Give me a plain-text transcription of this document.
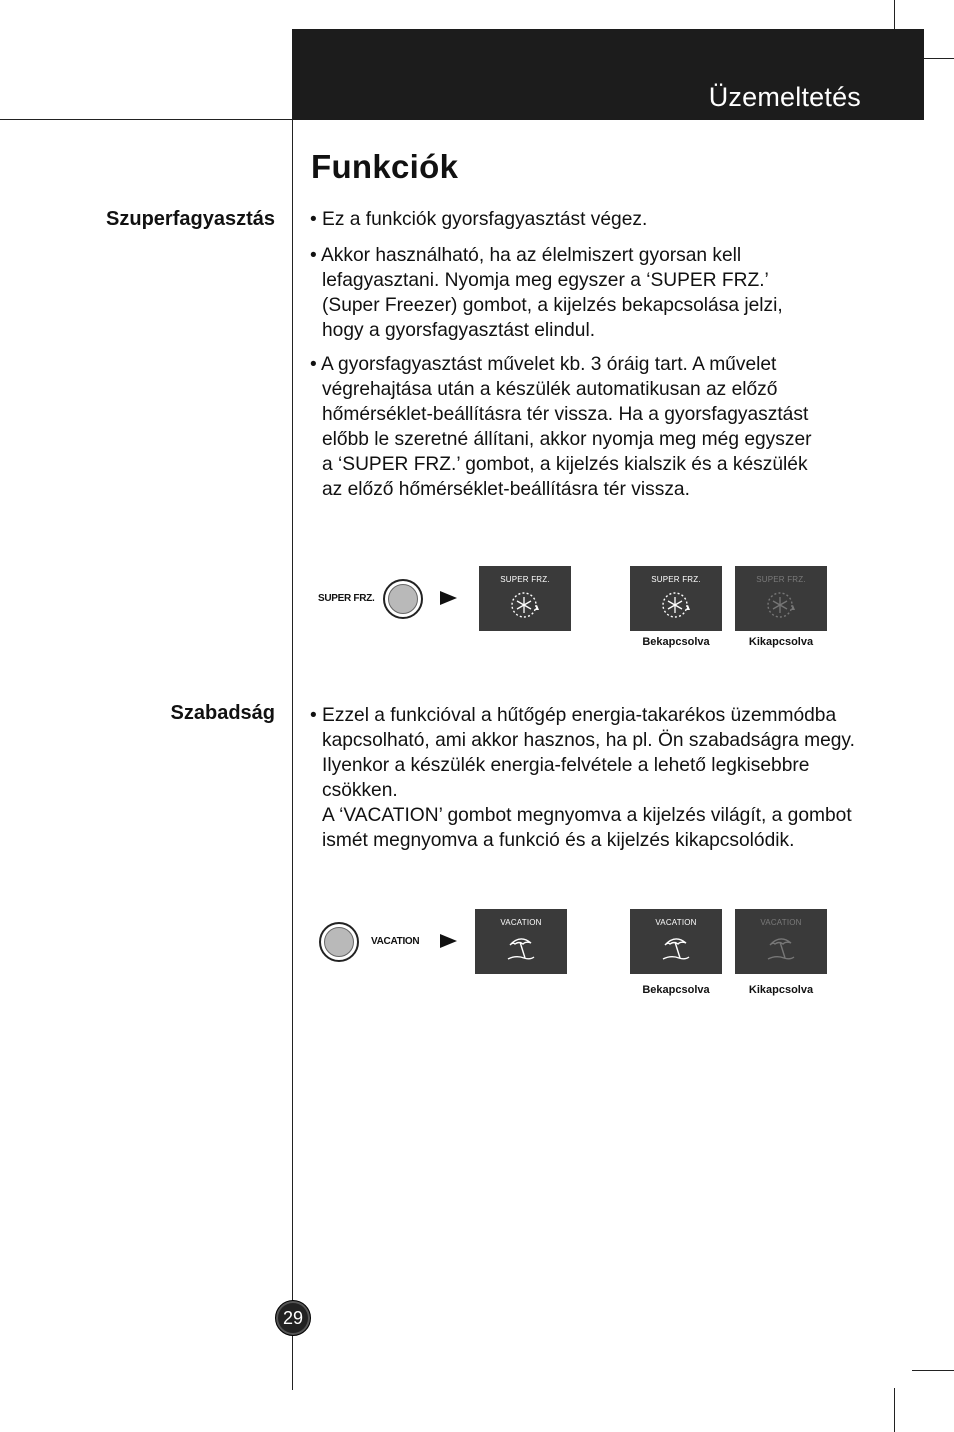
Üzemeltetés
Funkciók
Szuperfagyasztás • Ez a funkciók gyorsfagyasztást végez.
• Akkor használható, ha az élelmiszert gyorsan kell
lefagyasztani. Nyomja meg egyszer a ‘SUPER FRZ.’
(Super Freezer) gombot, a kijelzés bekapcsolása jelzi,
hogy a gyorsfagyasztást elindul.
• A gyorsfagyasztást művelet kb. 3 óráig tart. A művelet
végrehajtása után a készülék automatikusan az előző
hőmérséklet-beállításra tér vissza. Ha a gyorsfagyasztást
előbb le szeretné állítani, akkor nyomja meg még egyszer
a ‘SUPER FRZ.’ gombot, a kijelzés kialszik és a készülék
az előző hőmérséklet-beállításra tér vissza.
SUPER FRZ.
SUPER FRZ.	SUPER FRZ.
Bekapcsolva
SUPER FRZ.
Kikapcsolva
Szabadság • Ezzel a funkcióval a hűtőgép energia-takarékos üzemmódba
kapcsolható, ami akkor hasznos, ha pl. Ön szabadságra megy.
Ilyenkor a készülék energia-felvétele a lehető legkisebbre
csökken.
A ‘VACATION’ gombot megnyomva a kijelzés világít, a gombot
ismét megnyomva a funkció és a kijelzés kikapcsolódik.
VACATION
VACATION	VACATION
Bekapcsolva
VACATION
Kikapcsolva
29
